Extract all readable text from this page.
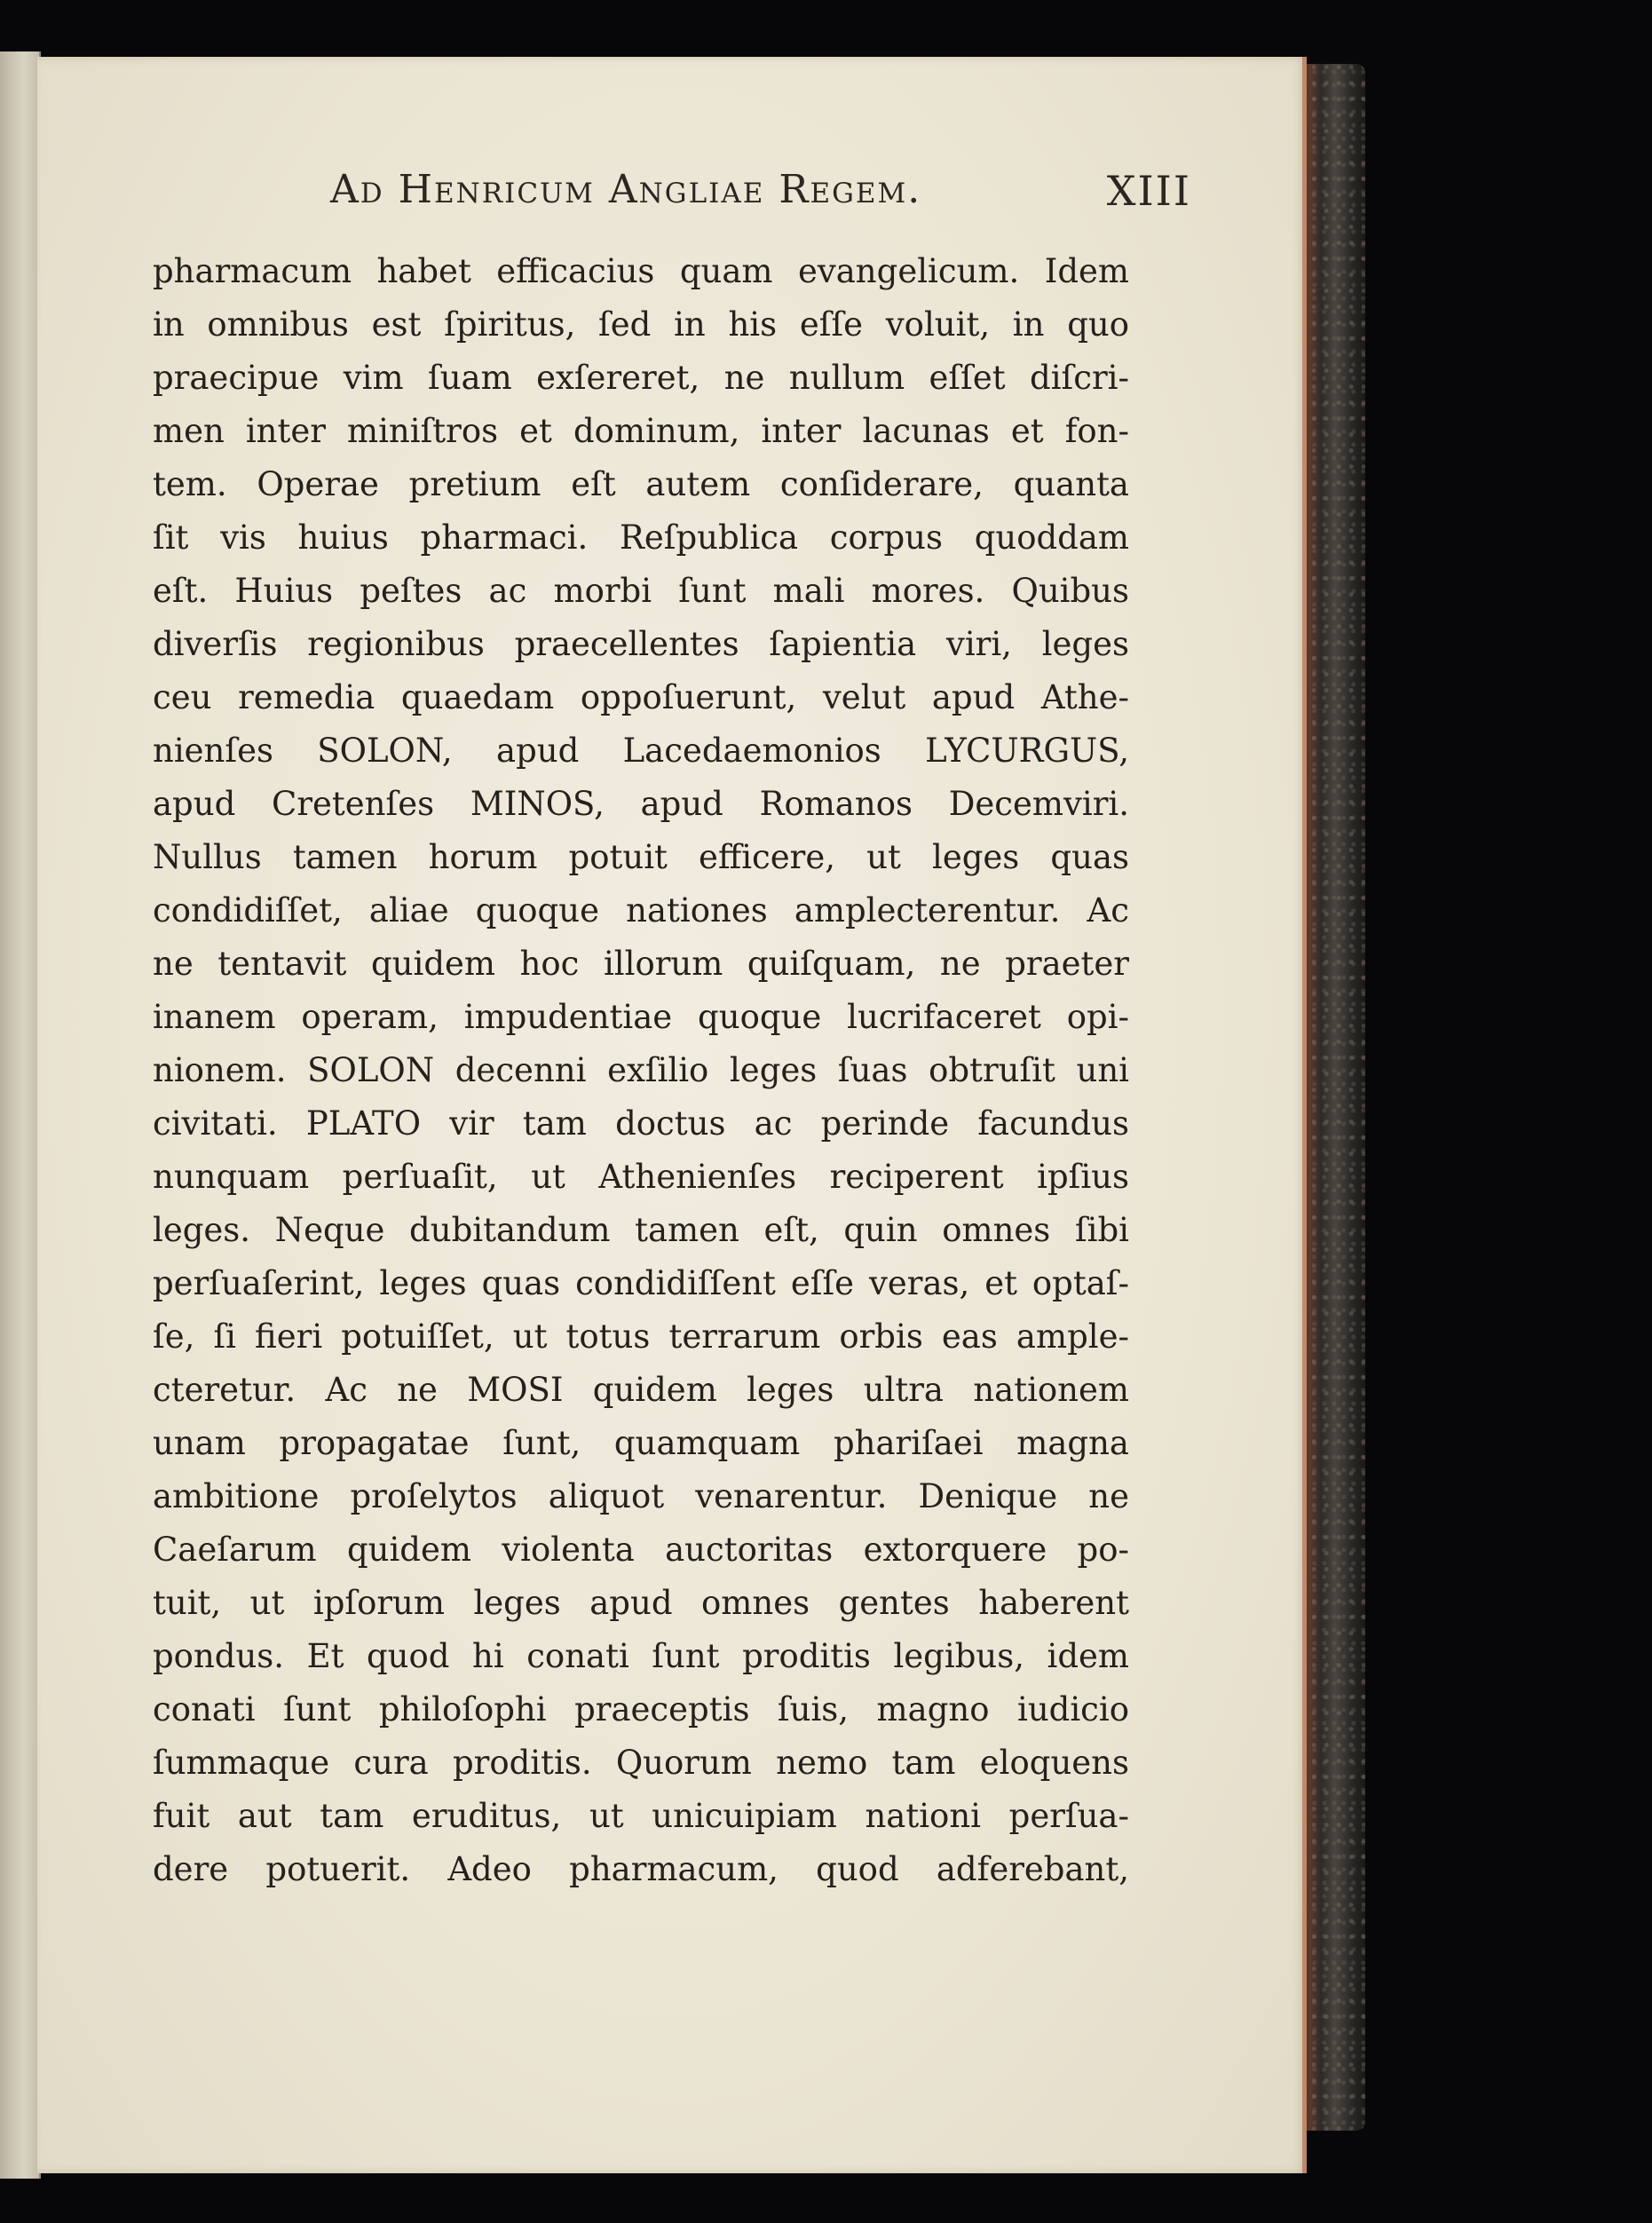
Ad Henricum Angliae Regem.	XIII
pharmacum habet efficacius quam evangelicum. Idem
in omnibus est ſpiritus, ſed in his eſſe voluit, in quo
praecipue vim ſuam exſereret, ne nullum eſſet diſcri-
men inter miniſtros et dominum, inter lacunas et fon-
tem. Operae pretium eſt autem conſiderare, quanta
ſit vis huius pharmaci. Reſpublica corpus quoddam
eſt. Huius peſtes ac morbi ſunt mali mores. Quibus
diverſis regionibus praecellentes ſapientia viri, leges
ceu remedia quaedam oppoſuerunt, velut apud Athe-
nienſes SOLON, apud Lacedaemonios LYCURGUS,
apud Cretenſes MINOS, apud Romanos Decemviri.
Nullus tamen horum potuit efficere, ut leges quas
condidiſſet, aliae quoque nationes amplecterentur. Ac
ne tentavit quidem hoc illorum quiſquam, ne praeter
inanem operam, impudentiae quoque lucrifaceret opi-
nionem. SOLON decenni exſilio leges ſuas obtruſit uni
civitati. PLATO vir tam doctus ac perinde facundus
nunquam perſuaſit, ut Athenienſes reciperent ipſius
leges. Neque dubitandum tamen eſt, quin omnes ſibi
perſuaſerint, leges quas condidiſſent eſſe veras, et optaſ-
ſe, ſi fieri potuiſſet, ut totus terrarum orbis eas ample-
cteretur. Ac ne MOSI quidem leges ultra nationem
unam propagatae ſunt, quamquam phariſaei magna
ambitione proſelytos aliquot venarentur. Denique ne
Caeſarum quidem violenta auctoritas extorquere po-
tuit, ut ipſorum leges apud omnes gentes haberent
pondus. Et quod hi conati ſunt proditis legibus, idem
conati ſunt philoſophi praeceptis ſuis, magno iudicio
ſummaque cura proditis. Quorum nemo tam eloquens
fuit aut tam eruditus, ut unicuipiam nationi perſua-
dere potuerit. Adeo pharmacum, quod adferebant,
